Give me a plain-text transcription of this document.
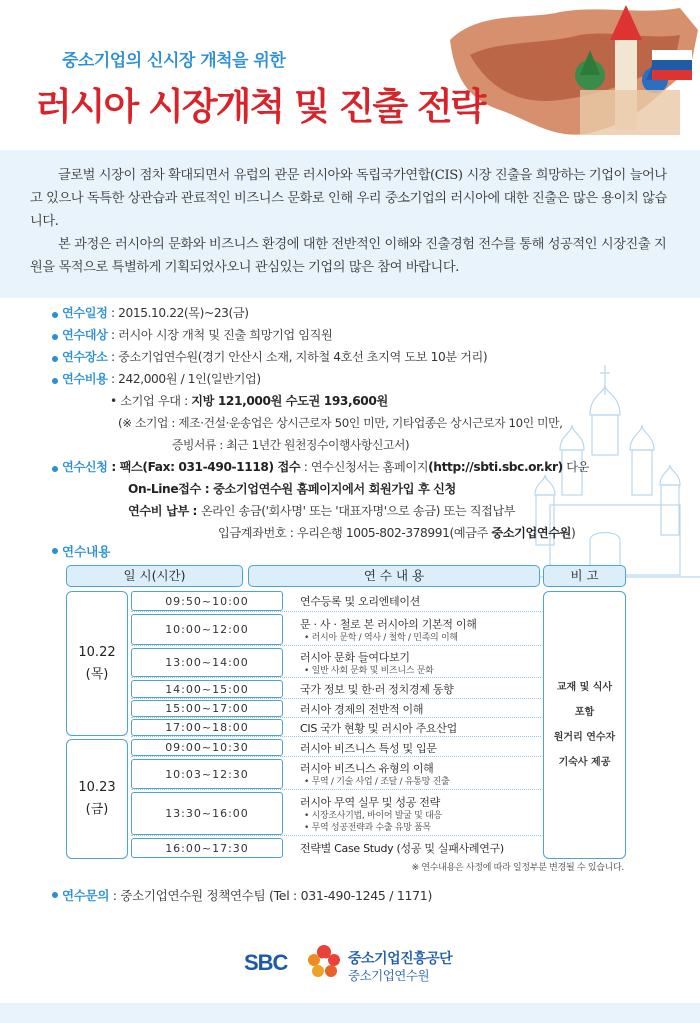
중소기업의 신시장 개척을 위한
러시아 시장개척 및 진출 전략

글로벌 시장이 점차 확대되면서 유럽의 관문 러시아와 독립국가연합(CIS) 시장 진출을 희망하는 기업이 늘어나고 있으나 독특한 상관습과 관료적인 비즈니스 문화로 인해 우리 중소기업의 러시아에 대한 진출은 많은 용이치 않습니다.

본 과정은 러시아의 문화와 비즈니스 환경에 대한 전반적인 이해와 진출경험 전수를 통해 성공적인 시장진출 지원을 목적으로 특별하게 기획되었사오니 관심있는 기업의 많은 참여 바랍니다.

연수일정 : 2015.10.22(목)~23(금)
연수대상 : 러시아 시장 개척 및 진출 희망기업 임직원
연수장소 : 중소기업연수원(경기 안산시 소재, 지하철 4호선 초지역 도보 10분 거리)
연수비용 : 242,000원 / 1인(일반기업)
• 소기업 우대 : 지방 121,000원 수도권 193,600원
(※ 소기업 : 제조·건설·운송업은 상시근로자 50인 미만, 기타업종은 상시근로자 10인 미만,
증빙서류 : 최근 1년간 원천징수이행사항신고서)
연수신청 : 팩스(Fax: 031-490-1118) 접수 : 연수신청서는 홈페이지(http://sbti.sbc.or.kr) 다운
On-Line접수 : 중소기업연수원 홈페이지에서 회원가입 후 신청
연수비 납부 : 온라인 송금('회사명' 또는 '대표자명'으로 송금) 또는 직접납부
입금계좌번호 : 우리은행 1005-802-378991(예금주 중소기업연수원)
연수내용
일 시(시간)	연 수 내 용	비 고
10.22
(목)
10.23
(금)
09:50~10:00	연수등록 및 오리엔테이션
10:00~12:00	문 · 사 · 철로 본 러시아의 기본적 이해
• 러시아 문학 / 역사 / 철학 / 민족의 이해
13:00~14:00	러시아 문화 들여다보기
• 일반 사회 문화 및 비즈니스 문화
14:00~15:00	국가 정보 및 한·러 정치경제 동향
15:00~17:00	러시아 경제의 전반적 이해
17:00~18:00	CIS 국가 현황 및 러시아 주요산업
09:00~10:30	러시아 비즈니스 특성 및 입문
10:03~12:30	러시아 비즈니스 유형의 이해
• 무역 / 기술 사업 / 조달 / 유통망 진출
13:30~16:00
러시아 무역 실무 및 성공 전략
• 시장조사기법, 바이어 발굴 및 대응
• 무역 성공전략과 수출 유망 품목
16:00~17:30	전략별 Case Study (성공 및 실패사례연구)
교재 및 식사
포함
원거리 연수자
기숙사 제공
※ 연수내용은 사정에 따라 일정부분 변경될 수 있습니다.
연수문의 : 중소기업연수원 정책연수팀 (Tel : 031-490-1245 / 1171)
SBC	중소기업진흥공단
중소기업연수원
